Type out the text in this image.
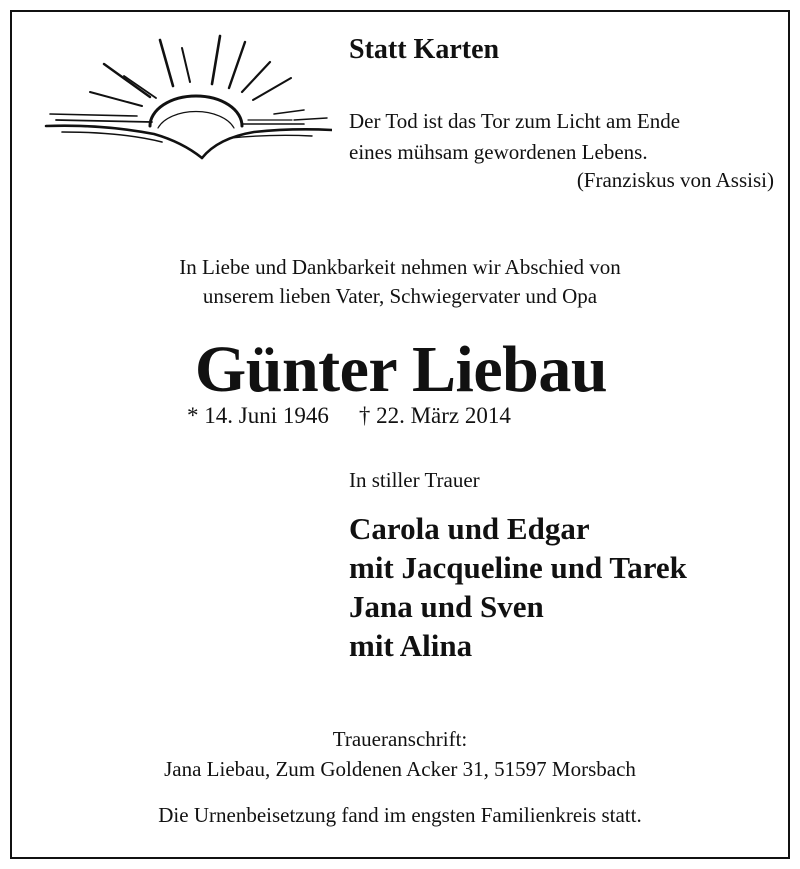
Statt Karten

Der Tod ist das Tor zum Licht am Ende
eines mühsam gewordenen Lebens.

(Franziskus von Assisi)

In Liebe und Dankbarkeit nehmen wir Abschied von
unserem lieben Vater, Schwiegervater und Opa

Günter Liebau

* 14. Juni 1946 † 22. März 2014

In stiller Trauer

Carola und Edgar
mit Jacqueline und Tarek
Jana und Sven
mit Alina

Traueranschrift:

Jana Liebau, Zum Goldenen Acker 31, 51597 Morsbach

Die Urnenbeisetzung fand im engsten Familienkreis statt.
